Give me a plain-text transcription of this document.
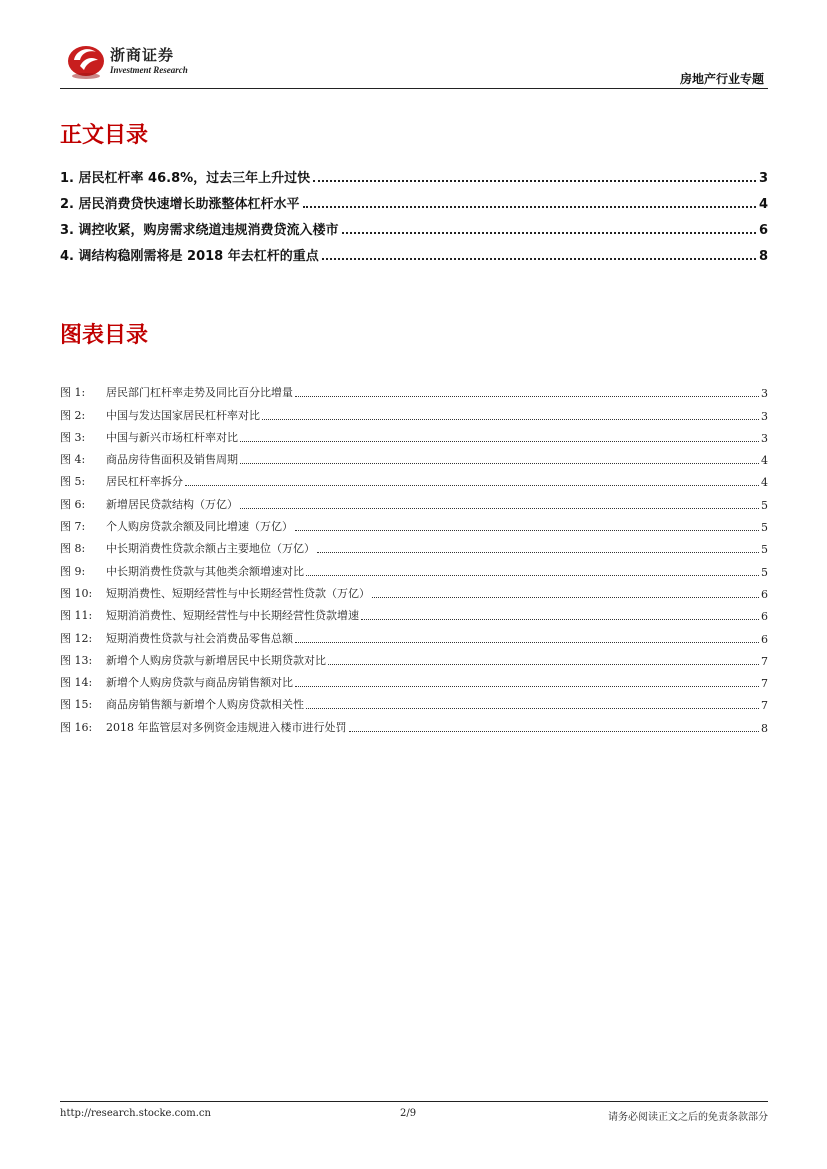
浙商证券
Investment Research
房地产行业专题
正文目录
1. 居民杠杆率 46.8%，过去三年上升过快	3
2. 居民消费贷快速增长助涨整体杠杆水平	4
3. 调控收紧，购房需求绕道违规消费贷流入楼市	6
4. 调结构稳刚需将是 2018 年去杠杆的重点	8
图表目录
图 1:	居民部门杠杆率走势及同比百分比增量	3
图 2:	中国与发达国家居民杠杆率对比	3
图 3:	中国与新兴市场杠杆率对比	3
图 4:	商品房待售面积及销售周期	4
图 5:	居民杠杆率拆分	4
图 6:	新增居民贷款结构（万亿）	5
图 7:	个人购房贷款余额及同比增速（万亿）	5
图 8:	中长期消费性贷款余额占主要地位（万亿）	5
图 9:	中长期消费性贷款与其他类余额增速对比	5
图 10:	短期消费性、短期经营性与中长期经营性贷款（万亿）	6
图 11:	短期消消费性、短期经营性与中长期经营性贷款增速	6
图 12:	短期消费性贷款与社会消费品零售总额	6
图 13:	新增个人购房贷款与新增居民中长期贷款对比	7
图 14:	新增个人购房贷款与商品房销售额对比	7
图 15:	商品房销售额与新增个人购房贷款相关性	7
图 16:	2018 年监管层对多例资金违规进入楼市进行处罚	8
http://research.stocke.com.cn	2/9	请务必阅读正文之后的免责条款部分
